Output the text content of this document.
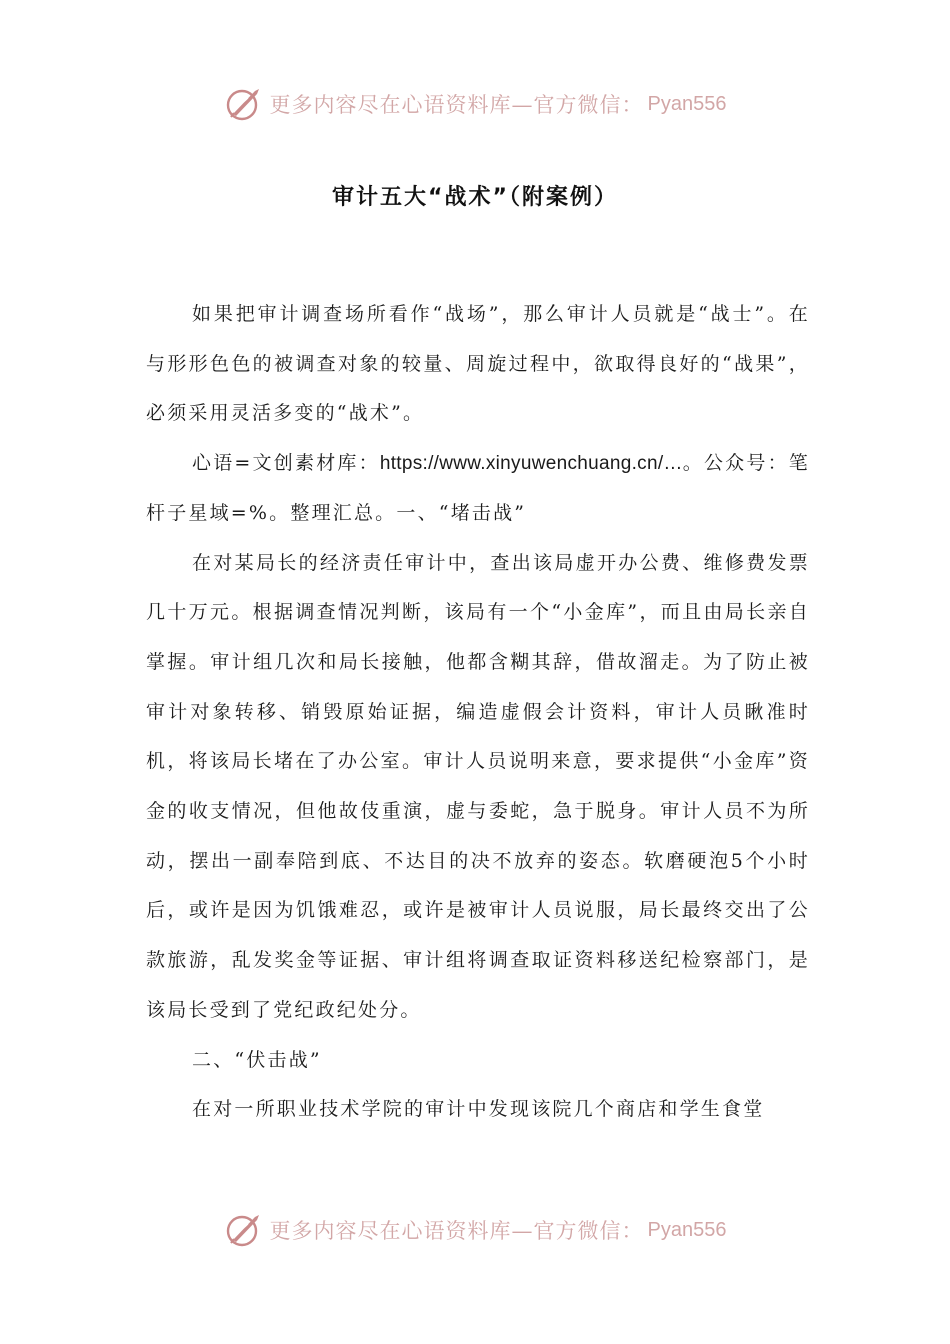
更多内容尽在心语资料库—官方微信： Pyan556
审计五大“战术”（附案例）

如果把审计调查场所看作“战场”，那么审计人员就是“战士”。在与形形色色的被调查对象的较量、周旋过程中，欲取得良好的“战果”，必须采用灵活多变的“战术”。

心语=文创素材库：https://www.xinyuwenchuang.cn/…。公众号：笔杆子星域=%。整理汇总。一、“堵击战”

在对某局长的经济责任审计中，查出该局虚开办公费、维修费发票几十万元。根据调查情况判断，该局有一个“小金库”，而且由局长亲自掌握。审计组几次和局长接触，他都含糊其辞，借故溜走。为了防止被审计对象转移、销毁原始证据，编造虚假会计资料，审计人员瞅准时机，将该局长堵在了办公室。审计人员说明来意，要求提供“小金库”资金的收支情况，但他故伎重演，虚与委蛇，急于脱身。审计人员不为所动，摆出一副奉陪到底、不达目的决不放弃的姿态。软磨硬泡5个小时后，或许是因为饥饿难忍，或许是被审计人员说服，局长最终交出了公款旅游，乱发奖金等证据、审计组将调查取证资料移送纪检察部门，是该局长受到了党纪政纪处分。

二、“伏击战”

在对一所职业技术学院的审计中发现该院几个商店和学生食堂

更多内容尽在心语资料库—官方微信： Pyan556
